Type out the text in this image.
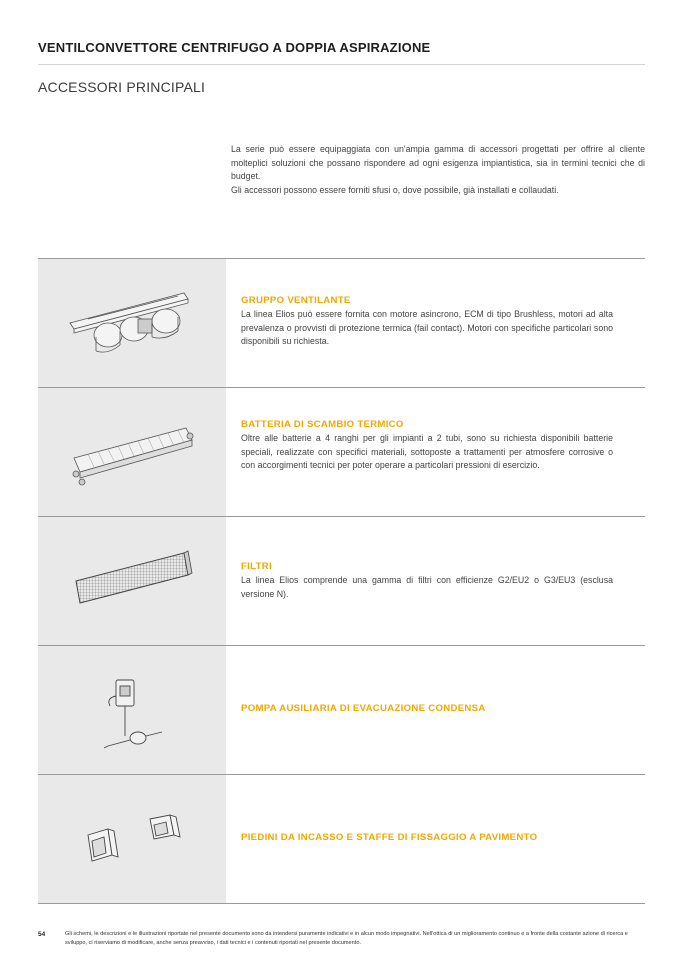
VENTILCONVETTORE CENTRIFUGO A DOPPIA ASPIRAZIONE
ACCESSORI PRINCIPALI

La serie può essere equipaggiata con un'ampia gamma di accessori progettati per offrire al cliente molteplici soluzioni che possano rispondere ad ogni esigenza impiantistica, sia in termini tecnici che di budget.

Gli accessori possono essere forniti sfusi o, dove possibile, già installati e collaudati.

GRUPPO VENTILANTE
La linea Elios può essere fornita con motore asincrono, ECM di tipo Brushless, motori ad alta prevalenza o provvisti di protezione termica (fail contact). Motori con specifiche particolari sono disponibili su richiesta.
BATTERIA DI SCAMBIO TERMICO
Oltre alle batterie a 4 ranghi per gli impianti a 2 tubi, sono su richiesta disponibili batterie speciali, realizzate con specifici materiali, sottoposte a trattamenti per atmosfere corrosive o con accorgimenti tecnici per poter operare a particolari pressioni di esercizio.
FILTRI
La linea Elios comprende una gamma di filtri con efficienze G2/EU2 o G3/EU3 (esclusa versione N).
POMPA AUSILIARIA DI EVACUAZIONE CONDENSA
PIEDINI DA INCASSO E STAFFE DI FISSAGGIO A PAVIMENTO
54	Gli schemi, le descrizioni e le illustrazioni riportate nel presente documento sono da intendersi puramente indicativi e in alcun modo impegnativi. Nell'ottica di un miglioramento continuo e a fronte della costante azione di ricerca e sviluppo, ci riserviamo di modificare, anche senza preavviso, i dati tecnici e i contenuti riportati nel presente documento.
